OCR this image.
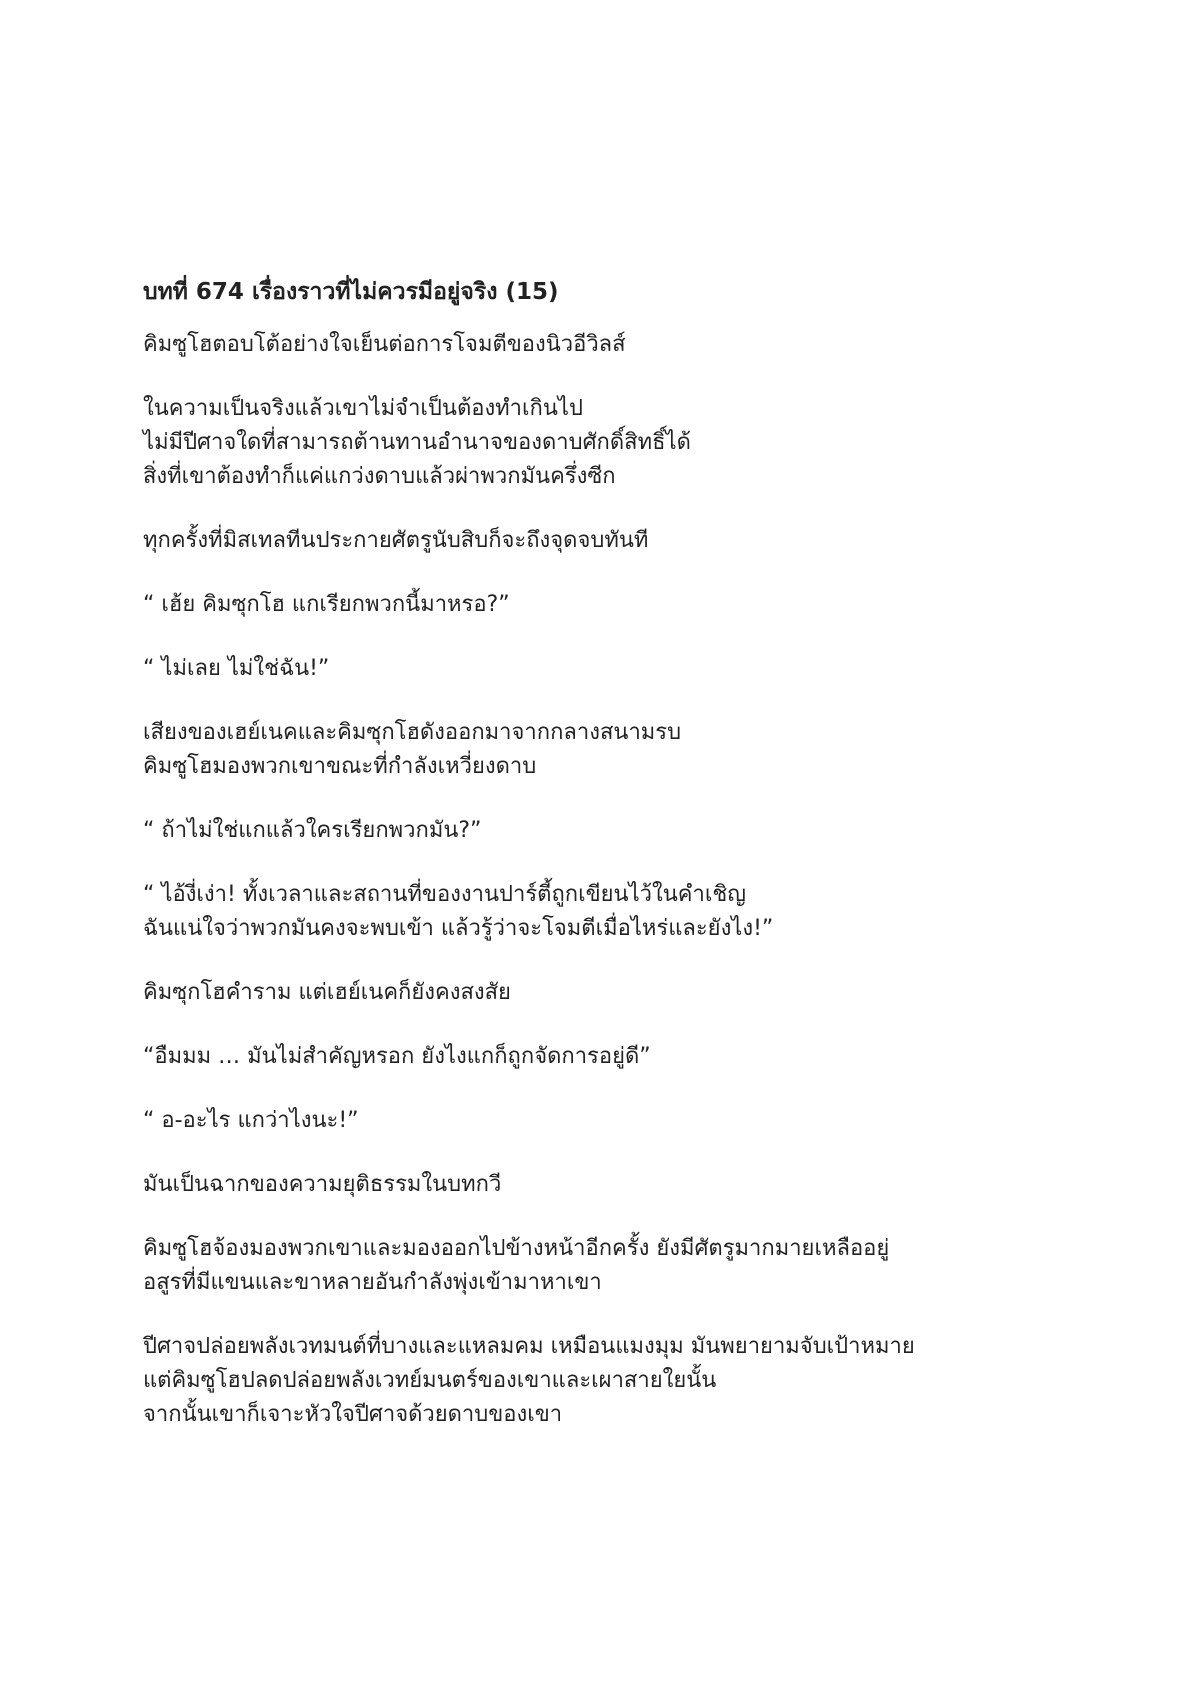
บทที่ 674 เรื่องราวที่ไม่ควรมีอยู่จริง (15)
คิมซูโฮตอบโต้อย่างใจเย็นต่อการโจมตีของนิวอีวิลส์
ในความเป็นจริงแล้วเขาไม่จำเป็นต้องทำเกินไป
ไม่มีปีศาจใดที่สามารถต้านทานอำนาจของดาบศักดิ์สิทธิ์ได้
สิ่งที่เขาต้องทำก็แค่แกว่งดาบแล้วผ่าพวกมันครึ่งซีก
ทุกครั้งที่มิสเทลทีนประกายศัตรูนับสิบก็จะถึงจุดจบทันที
“ เฮ้ย คิมซุกโฮ แกเรียกพวกนี้มาหรอ?”
“ ไม่เลย ไม่ใช่ฉัน!”
เสียงของเฮย์เนคและคิมซุกโฮดังออกมาจากกลางสนามรบ
คิมซูโฮมองพวกเขาขณะที่กำลังเหวี่ยงดาบ
“ ถ้าไม่ใช่แกแล้วใครเรียกพวกมัน?”
“ ไอ้งี่เง่า! ทั้งเวลาและสถานที่ของงานปาร์ตี้ถูกเขียนไว้ในคำเชิญ
ฉันแน่ใจว่าพวกมันคงจะพบเข้า แล้วรู้ว่าจะโจมตีเมื่อไหร่และยังไง!”
คิมซุกโฮคำราม แต่เฮย์เนคก็ยังคงสงสัย
“อืมมม … มันไม่สำคัญหรอก ยังไงแกก็ถูกจัดการอยู่ดี”
“ อ-อะไร แกว่าไงนะ!”
มันเป็นฉากของความยุติธรรมในบทกวี
คิมซูโฮจ้องมองพวกเขาและมองออกไปข้างหน้าอีกครั้ง ยังมีศัตรูมากมายเหลืออยู่
อสูรที่มีแขนและขาหลายอันกำลังพุ่งเข้ามาหาเขา
ปีศาจปล่อยพลังเวทมนต์ที่บางและแหลมคม เหมือนแมงมุม มันพยายามจับเป้าหมาย
แต่คิมซูโฮปลดปล่อยพลังเวทย์มนตร์ของเขาและเผาสายใยนั้น
จากนั้นเขาก็เจาะหัวใจปีศาจด้วยดาบของเขา
